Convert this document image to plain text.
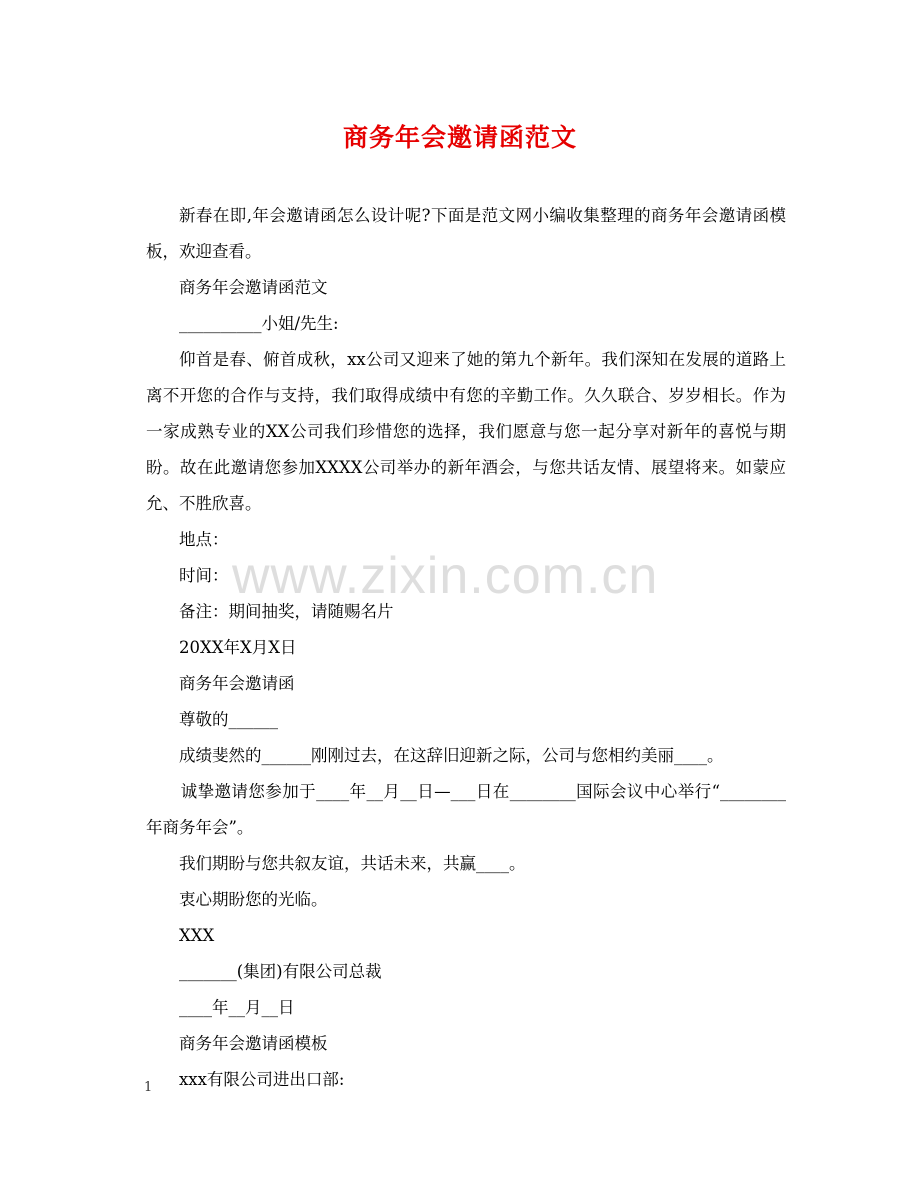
商务年会邀请函范文

新春在即,年会邀请函怎么设计呢?下面是范文网小编收集整理的商务年会邀请函模板，欢迎查看。

商务年会邀请函范文

__________小姐/先生:

仰首是春、俯首成秋，xx公司又迎来了她的第九个新年。我们深知在发展的道路上离不开您的合作与支持，我们取得成绩中有您的辛勤工作。久久联合、岁岁相长。作为一家成熟专业的XX公司我们珍惜您的选择，我们愿意与您一起分享对新年的喜悦与期盼。故在此邀请您参加XXXX公司举办的新年酒会，与您共话友情、展望将来。如蒙应允、不胜欣喜。

地点：

时间：

备注：期间抽奖，请随赐名片

20XX年X月X日

商务年会邀请函

尊敬的______

成绩斐然的______刚刚过去，在这辞旧迎新之际，公司与您相约美丽____。

诚挚邀请您参加于____年__月__日—___日在________国际会议中心举行“________年商务年会”。

我们期盼与您共叙友谊，共话未来，共赢____。

衷心期盼您的光临。

XXX

_______(集团)有限公司总裁

____年__月__日

商务年会邀请函模板

xxx有限公司进出口部:

www.zixin.com.cn
1
